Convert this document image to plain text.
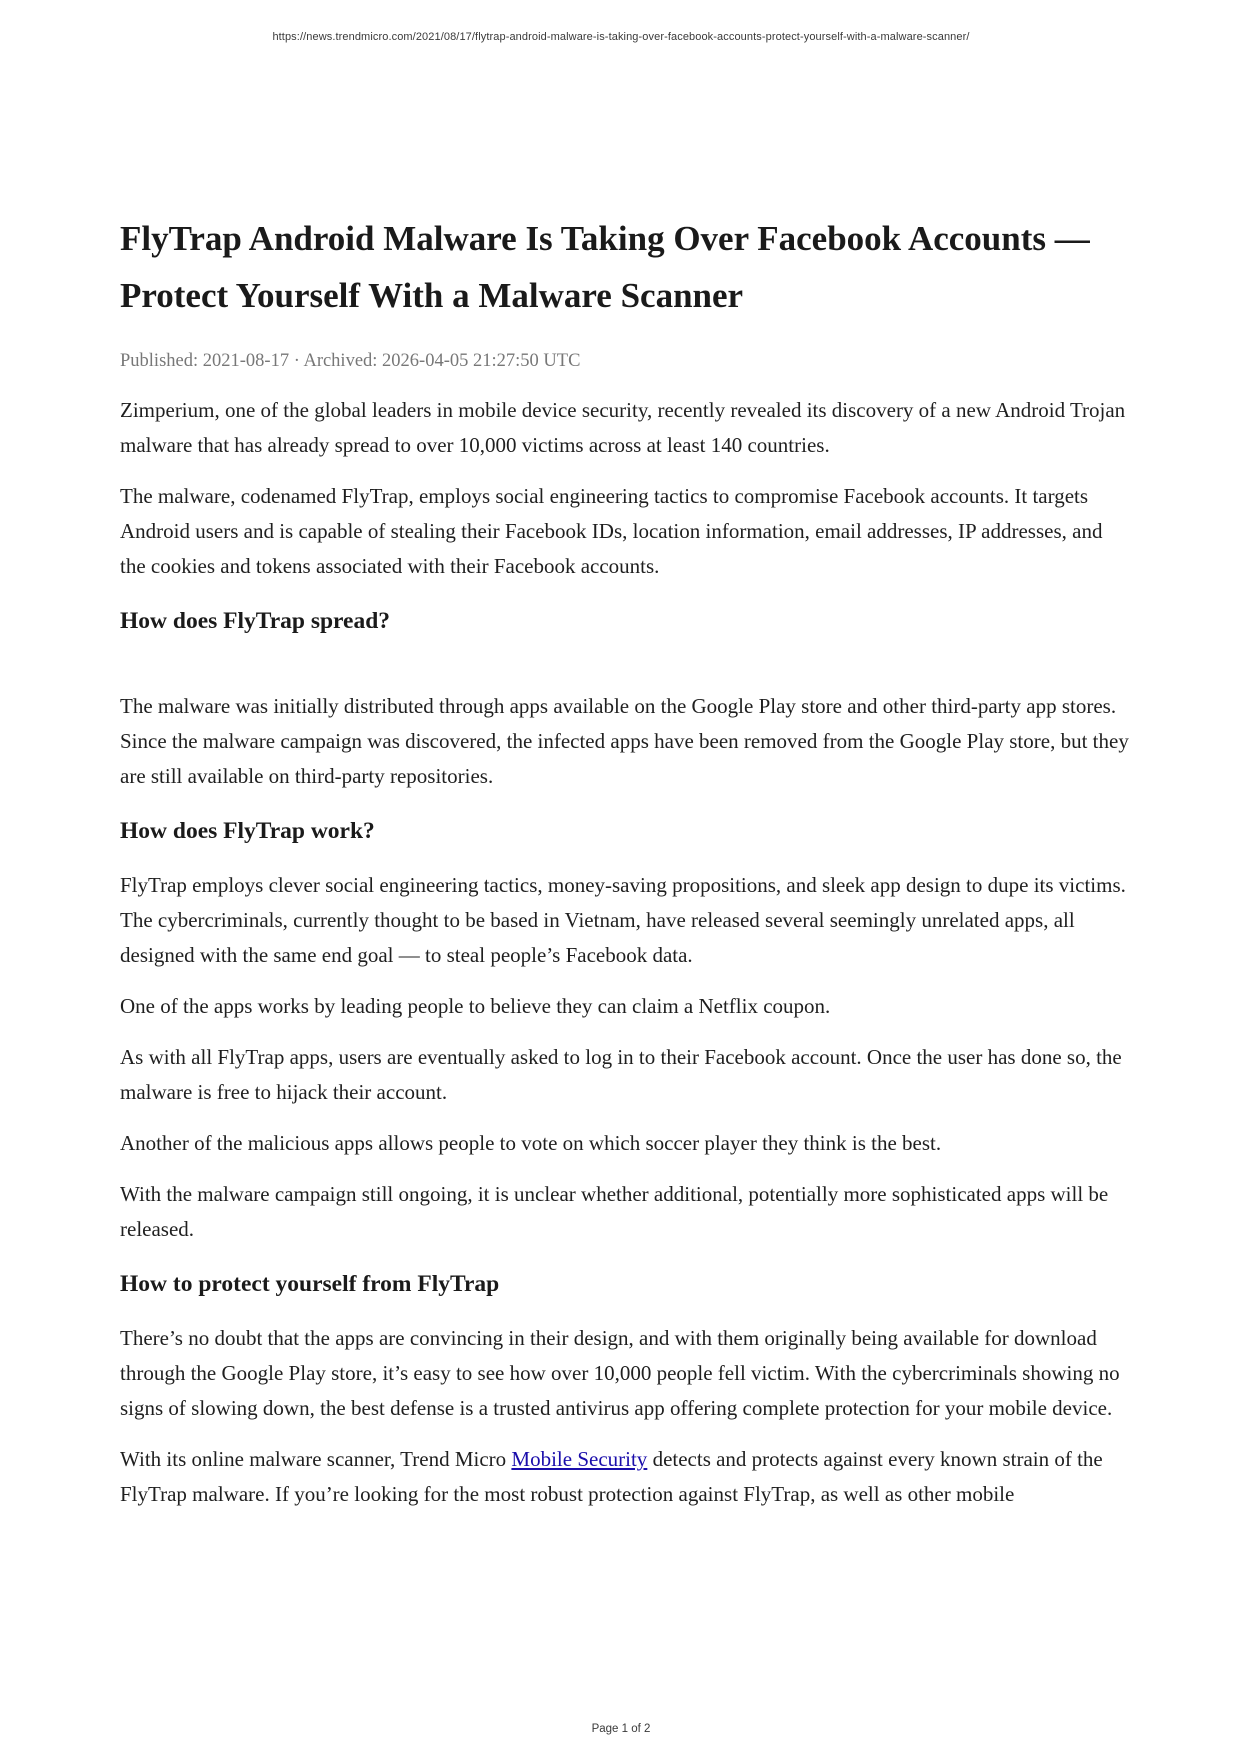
https://news.trendmicro.com/2021/08/17/flytrap-android-malware-is-taking-over-facebook-accounts-protect-yourself-with-a-malware-scanner/
FlyTrap Android Malware Is Taking Over Facebook Accounts —
Protect Yourself With a Malware Scanner

Published: 2021-08-17 · Archived: 2026-04-05 21:27:50 UTC

Zimperium, one of the global leaders in mobile device security, recently revealed its discovery of a new Android Trojan malware that has already spread to over 10,000 victims across at least 140 countries.

The malware, codenamed FlyTrap, employs social engineering tactics to compromise Facebook accounts. It targets Android users and is capable of stealing their Facebook IDs, location information, email addresses, IP addresses, and the cookies and tokens associated with their Facebook accounts.

How does FlyTrap spread?

The malware was initially distributed through apps available on the Google Play store and other third-party app stores. Since the malware campaign was discovered, the infected apps have been removed from the Google Play store, but they are still available on third-party repositories.

How does FlyTrap work?

FlyTrap employs clever social engineering tactics, money-saving propositions, and sleek app design to dupe its victims. The cybercriminals, currently thought to be based in Vietnam, have released several seemingly unrelated apps, all designed with the same end goal — to steal people’s Facebook data.

One of the apps works by leading people to believe they can claim a Netflix coupon.

As with all FlyTrap apps, users are eventually asked to log in to their Facebook account. Once the user has done so, the malware is free to hijack their account.

Another of the malicious apps allows people to vote on which soccer player they think is the best.

With the malware campaign still ongoing, it is unclear whether additional, potentially more sophisticated apps will be released.

How to protect yourself from FlyTrap

There’s no doubt that the apps are convincing in their design, and with them originally being available for download through the Google Play store, it’s easy to see how over 10,000 people fell victim. With the cybercriminals showing no signs of slowing down, the best defense is a trusted antivirus app offering complete protection for your mobile device.

With its online malware scanner, Trend Micro Mobile Security detects and protects against every known strain of the FlyTrap malware. If you’re looking for the most robust protection against FlyTrap, as well as other mobile

Page 1 of 2
